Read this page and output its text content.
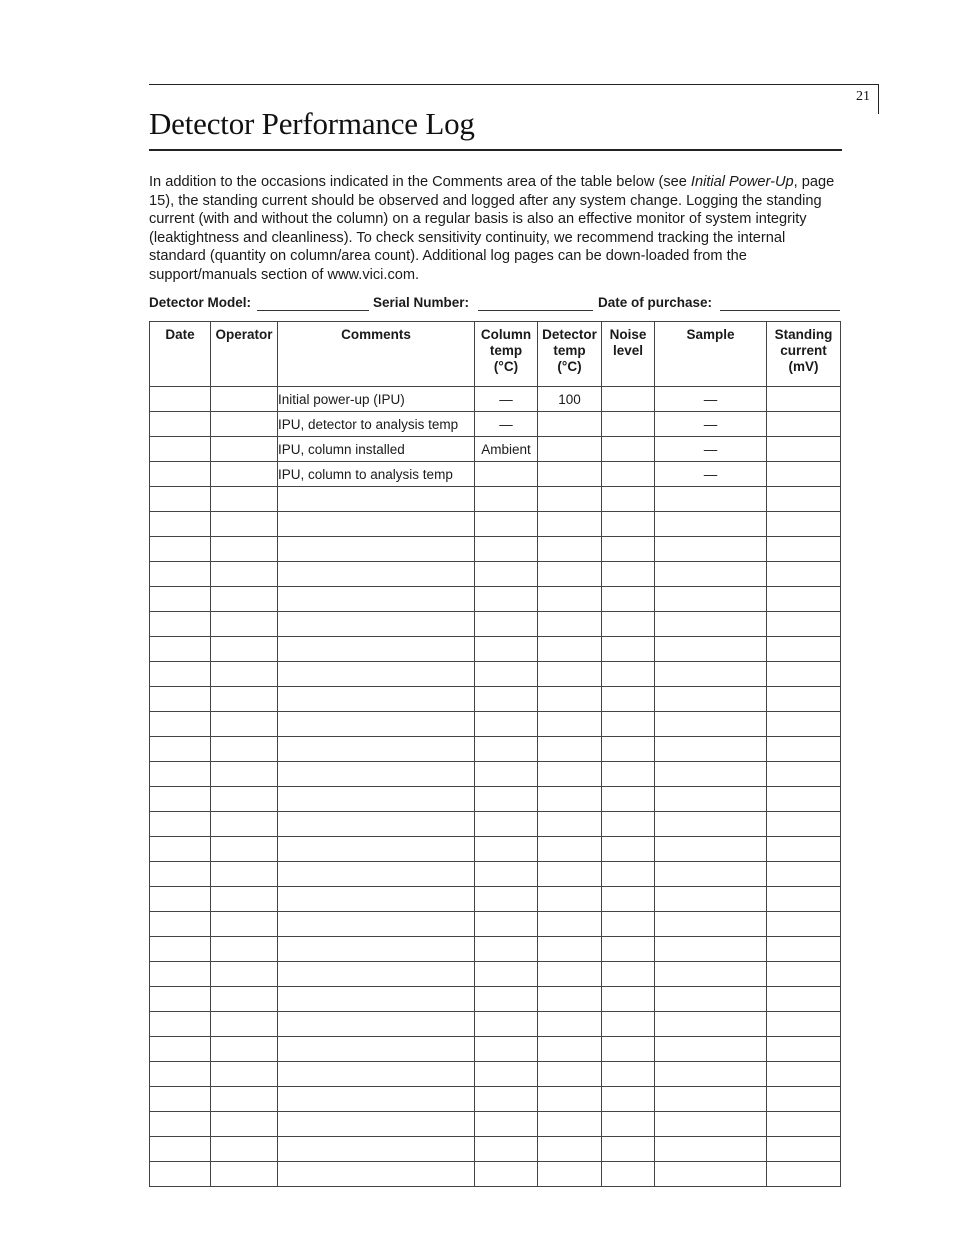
21
Detector Performance Log

In addition to the occasions indicated in the Comments area of the table below (see Initial Power-Up, page 15), the standing current should be observed and logged after any system change. Logging the standing current (with and without the column) on a regular basis is also an effective monitor of system integrity (leaktightness and cleanliness). To check sensitivity continuity, we recommend tracking the internal standard (quantity on column/area count). Additional log pages can be down-loaded from the support/manuals section of www.vici.com.

Detector Model:	Serial Number:	Date of purchase:
Date	Operator	Comments	Column
temp
(°C)	Detector
temp
(°C)	Noise
level	Sample	Standing
current
(mV)
		Initial power-up (IPU)	—	100		—	
		IPU, detector to analysis temp	—			—	
		IPU, column installed	Ambient			—	
		IPU, column to analysis temp				—	
